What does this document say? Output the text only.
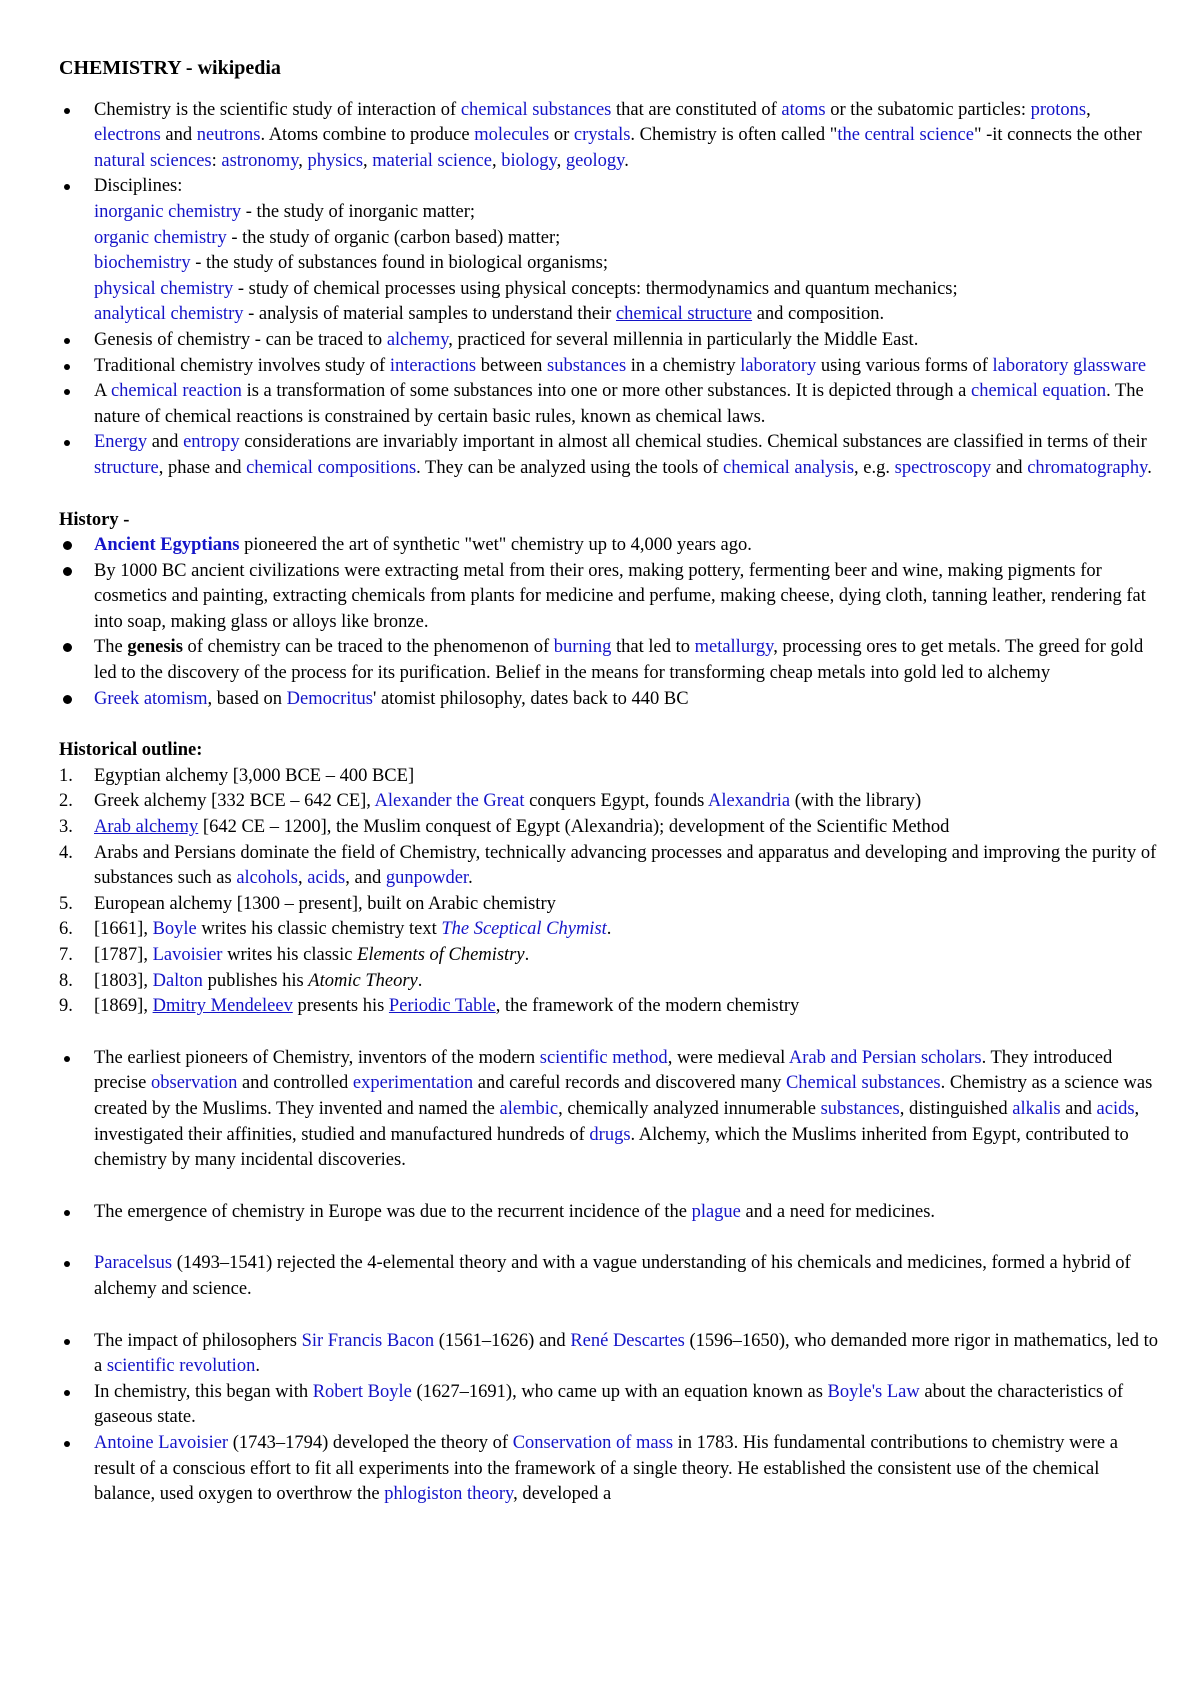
CHEMISTRY - wikipedia
Chemistry is the scientific study of interaction of chemical substances that are constituted of atoms or the subatomic particles: protons, electrons and neutrons. Atoms combine to produce molecules or crystals. Chemistry is often called "the central science" -it connects the other natural sciences: astronomy, physics, material science, biology, geology.
Disciplines:
inorganic chemistry - the study of inorganic matter;
organic chemistry - the study of organic (carbon based) matter;
biochemistry - the study of substances found in biological organisms;
physical chemistry - study of chemical processes using physical concepts: thermodynamics and quantum mechanics;
analytical chemistry - analysis of material samples to understand their chemical structure and composition.
Genesis of chemistry - can be traced to alchemy, practiced for several millennia in particularly the Middle East.
Traditional chemistry involves study of interactions between substances in a chemistry laboratory using various forms of laboratory glassware
A chemical reaction is a transformation of some substances into one or more other substances. It is depicted through a chemical equation. The nature of chemical reactions is constrained by certain basic rules, known as chemical laws.
Energy and entropy considerations are invariably important in almost all chemical studies. Chemical substances are classified in terms of their structure, phase and chemical compositions. They can be analyzed using the tools of chemical analysis, e.g. spectroscopy and chromatography.
History -
Ancient Egyptians pioneered the art of synthetic "wet" chemistry up to 4,000 years ago.
By 1000 BC ancient civilizations were extracting metal from their ores, making pottery, fermenting beer and wine, making pigments for cosmetics and painting, extracting chemicals from plants for medicine and perfume, making cheese, dying cloth, tanning leather, rendering fat into soap, making glass or alloys like bronze.
The genesis of chemistry can be traced to the phenomenon of burning that led to metallurgy, processing ores to get metals. The greed for gold led to the discovery of the process for its purification. Belief in the means for transforming cheap metals into gold led to alchemy
Greek atomism, based on Democritus' atomist philosophy, dates back to 440 BC
Historical outline:
1. Egyptian alchemy [3,000 BCE – 400 BCE]
2. Greek alchemy [332 BCE – 642 CE], Alexander the Great conquers Egypt, founds Alexandria (with the library)
3. Arab alchemy [642 CE – 1200], the Muslim conquest of Egypt (Alexandria); development of the Scientific Method
4. Arabs and Persians dominate the field of Chemistry, technically advancing processes and apparatus and developing and improving the purity of substances such as alcohols, acids, and gunpowder.
5. European alchemy [1300 – present], built on Arabic chemistry
6. [1661], Boyle writes his classic chemistry text The Sceptical Chymist.
7. [1787], Lavoisier writes his classic Elements of Chemistry.
8. [1803], Dalton publishes his Atomic Theory.
9. [1869], Dmitry Mendeleev presents his Periodic Table, the framework of the modern chemistry
The earliest pioneers of Chemistry, inventors of the modern scientific method, were medieval Arab and Persian scholars. They introduced precise observation and controlled experimentation and careful records and discovered many Chemical substances. Chemistry as a science was created by the Muslims. They invented and named the alembic, chemically analyzed innumerable substances, distinguished alkalis and acids, investigated their affinities, studied and manufactured hundreds of drugs. Alchemy, which the Muslims inherited from Egypt, contributed to chemistry by many incidental discoveries.
The emergence of chemistry in Europe was due to the recurrent incidence of the plague and a need for medicines.
Paracelsus (1493–1541) rejected the 4-elemental theory and with a vague understanding of his chemicals and medicines, formed a hybrid of alchemy and science.
The impact of philosophers Sir Francis Bacon (1561–1626) and René Descartes (1596–1650), who demanded more rigor in mathematics, led to a scientific revolution.
In chemistry, this began with Robert Boyle (1627–1691), who came up with an equation known as Boyle's Law about the characteristics of gaseous state.
Antoine Lavoisier (1743–1794) developed the theory of Conservation of mass in 1783. His fundamental contributions to chemistry were a result of a conscious effort to fit all experiments into the framework of a single theory. He established the consistent use of the chemical balance, used oxygen to overthrow the phlogiston theory, developed a
